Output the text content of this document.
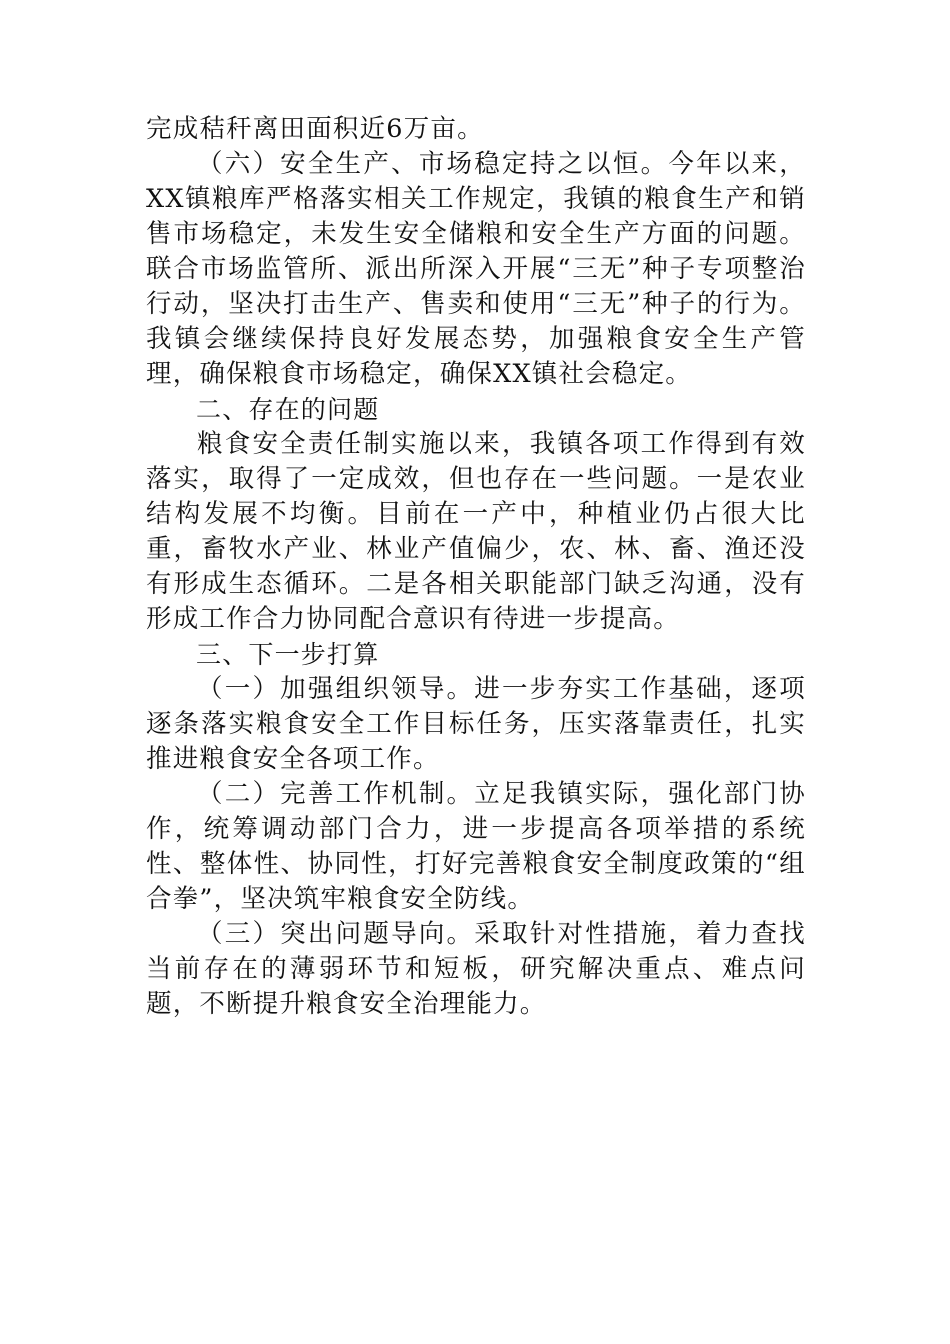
完成秸秆离田面积近6万亩。

（六）安全生产、市场稳定持之以恒。今年以来，XX镇粮库严格落实相关工作规定，我镇的粮食生产和销售市场稳定，未发生安全储粮和安全生产方面的问题。联合市场监管所、派出所深入开展“三无”种子专项整治行动，坚决打击生产、售卖和使用“三无”种子的行为。我镇会继续保持良好发展态势，加强粮食安全生产管理，确保粮食市场稳定，确保XX镇社会稳定。

二、存在的问题

粮食安全责任制实施以来，我镇各项工作得到有效落实，取得了一定成效，但也存在一些问题。一是农业结构发展不均衡。目前在一产中，种植业仍占很大比重，畜牧水产业、林业产值偏少，农、林、畜、渔还没有形成生态循环。二是各相关职能部门缺乏沟通，没有形成工作合力协同配合意识有待进一步提高。

三、下一步打算

（一）加强组织领导。进一步夯实工作基础，逐项逐条落实粮食安全工作目标任务，压实落靠责任，扎实推进粮食安全各项工作。

（二）完善工作机制。立足我镇实际，强化部门协作，统筹调动部门合力，进一步提高各项举措的系统性、整体性、协同性，打好完善粮食安全制度政策的“组合拳”，坚决筑牢粮食安全防线。

（三）突出问题导向。采取针对性措施，着力查找当前存在的薄弱环节和短板，研究解决重点、难点问题，不断提升粮食安全治理能力。
